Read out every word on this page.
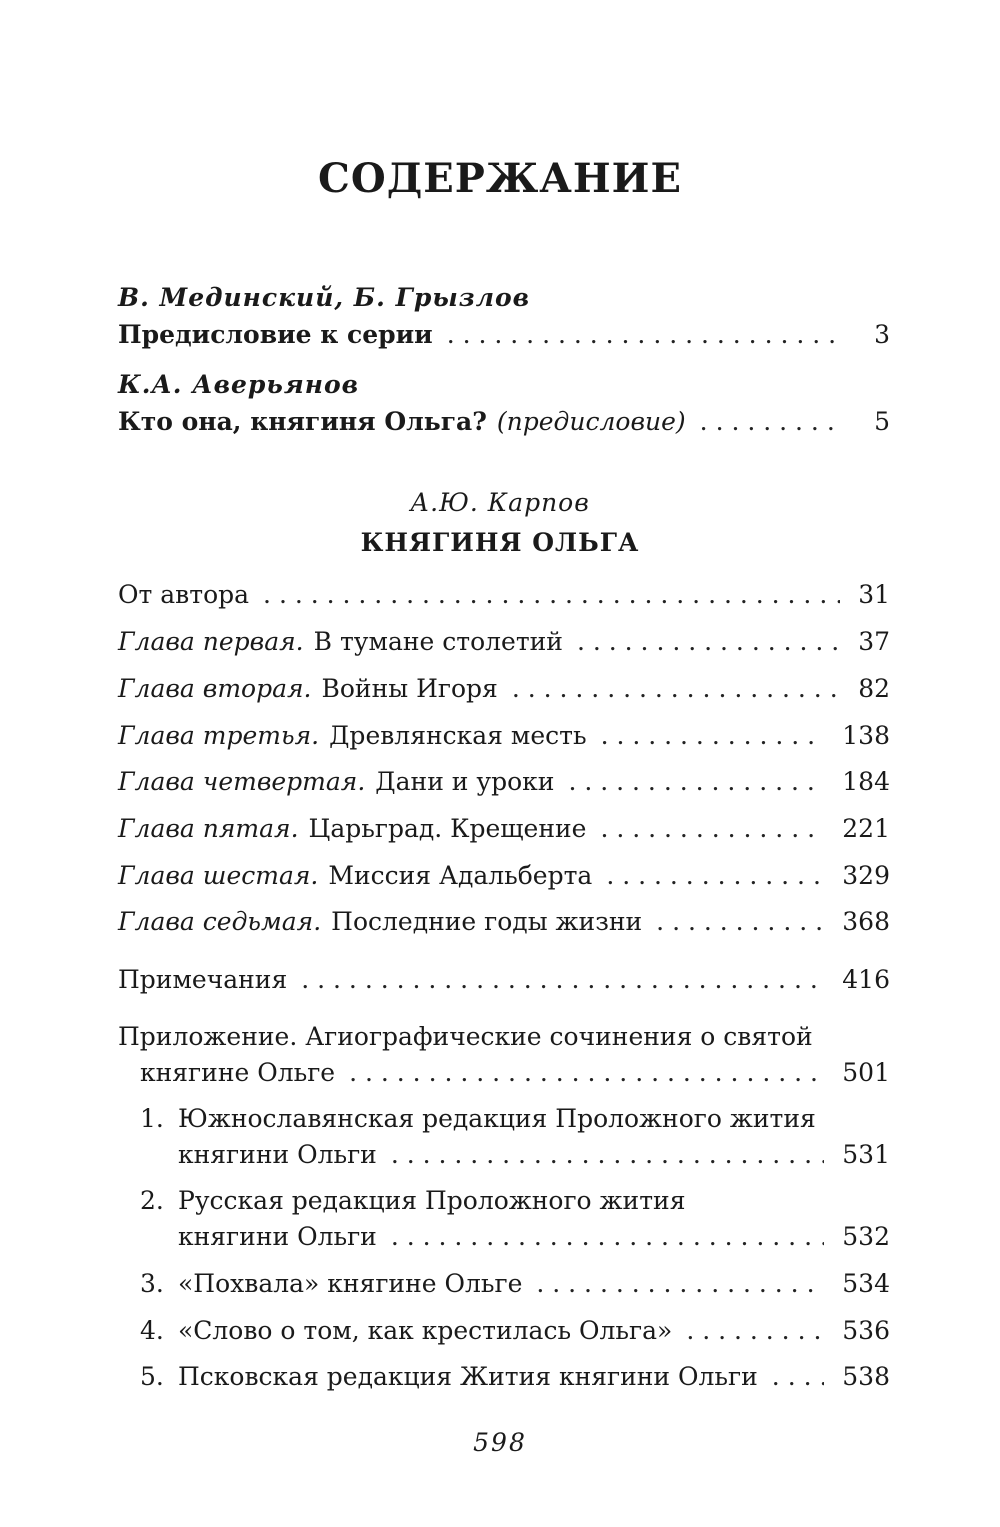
СОДЕРЖАНИЕ
В. Мединский, Б. Грызлов
Предисловие к серии . . .	3
К.А. Аверьянов
Кто она, княгиня Ольга? (предисловие) . . .	5
А.Ю. Карпов
КНЯГИНЯ ОЛЬГА
От автора . . .	31
Глава первая. В тумане столетий . . .	37
Глава вторая. Войны Игоря . . .	82
Глава третья. Древлянская месть . . .	138
Глава четвертая. Дани и уроки . . .	184
Глава пятая. Царьград. Крещение . . .	221
Глава шестая. Миссия Адальберта . . .	329
Глава седьмая. Последние годы жизни . . .	368
Примечания . . .	416
Приложение. Агиографические сочинения о святой
княгине Ольге . . .	501
1. Южнославянская редакция Проложного жития
княгини Ольги . . .	531
2. Русская редакция Проложного жития
княгини Ольги . . .	532
3. «Похвала» княгине Ольге . . .	534
4. «Слово о том, как крестилась Ольга» . . .	536
5. Псковская редакция Жития княгини Ольги . . .	538
598
